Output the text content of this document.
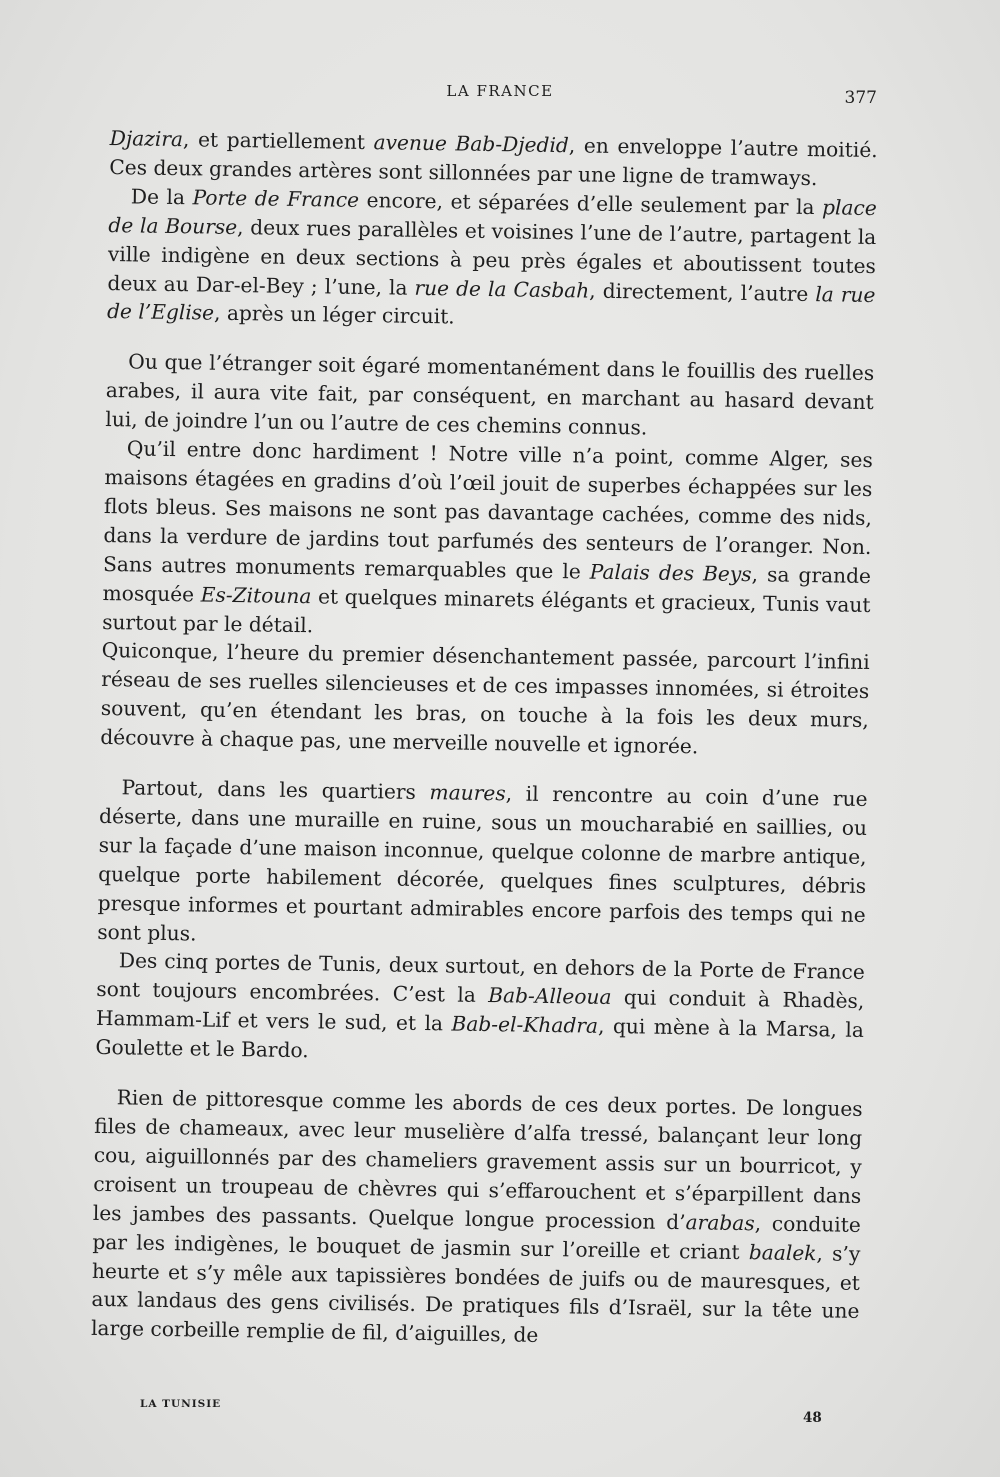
LA FRANCE	377

Djazira, et partiellement avenue Bab-Djedid, en enveloppe l’autre moitié. Ces deux grandes artères sont sillonnées par une ligne de tramways.

De la Porte de France encore, et séparées d’elle seulement par la place de la Bourse, deux rues parallèles et voisines l’une de l’autre, partagent la ville indigène en deux sections à peu près égales et aboutissent toutes deux au Dar-el-Bey ; l’une, la rue de la Casbah, directement, l’autre la rue de l’Eglise, après un léger circuit.

Ou que l’étranger soit égaré momentanément dans le fouillis des ruelles arabes, il aura vite fait, par conséquent, en marchant au hasard devant lui, de joindre l’un ou l’autre de ces chemins connus.

Qu’il entre donc hardiment ! Notre ville n’a point, comme Alger, ses maisons étagées en gradins d’où l’œil jouit de superbes échappées sur les flots bleus. Ses maisons ne sont pas davantage cachées, comme des nids, dans la verdure de jardins tout parfumés des senteurs de l’oranger. Non. Sans autres monuments remarquables que le Palais des Beys, sa grande mosquée Es-Zitouna et quelques minarets élégants et gracieux, Tunis vaut surtout par le détail.

Quiconque, l’heure du premier désenchantement passée, parcourt l’infini réseau de ses ruelles silencieuses et de ces impasses innomées, si étroites souvent, qu’en étendant les bras, on touche à la fois les deux murs, découvre à chaque pas, une merveille nouvelle et ignorée.

Partout, dans les quartiers maures, il rencontre au coin d’une rue déserte, dans une muraille en ruine, sous un moucharabié en saillies, ou sur la façade d’une maison inconnue, quelque colonne de marbre antique, quelque porte habilement décorée, quelques fines sculptures, débris presque informes et pourtant admirables encore parfois des temps qui ne sont plus.

Des cinq portes de Tunis, deux surtout, en dehors de la Porte de France sont toujours encombrées. C’est la Bab-Alleoua qui conduit à Rhadès, Hammam-Lif et vers le sud, et la Bab-el-Khadra, qui mène à la Marsa, la Goulette et le Bardo.

Rien de pittoresque comme les abords de ces deux portes. De longues files de chameaux, avec leur muselière d’alfa tressé, balançant leur long cou, aiguillonnés par des chameliers gravement assis sur un bourricot, y croisent un troupeau de chèvres qui s’effarouchent et s’éparpillent dans les jambes des passants. Quelque longue procession d’arabas, conduite par les indigènes, le bouquet de jasmin sur l’oreille et criant baalek, s’y heurte et s’y mêle aux tapissières bondées de juifs ou de mauresques, et aux landaus des gens civilisés. De pratiques fils d’Israël, sur la tête une large corbeille remplie de fil, d’aiguilles, de

LA TUNISIE
48
